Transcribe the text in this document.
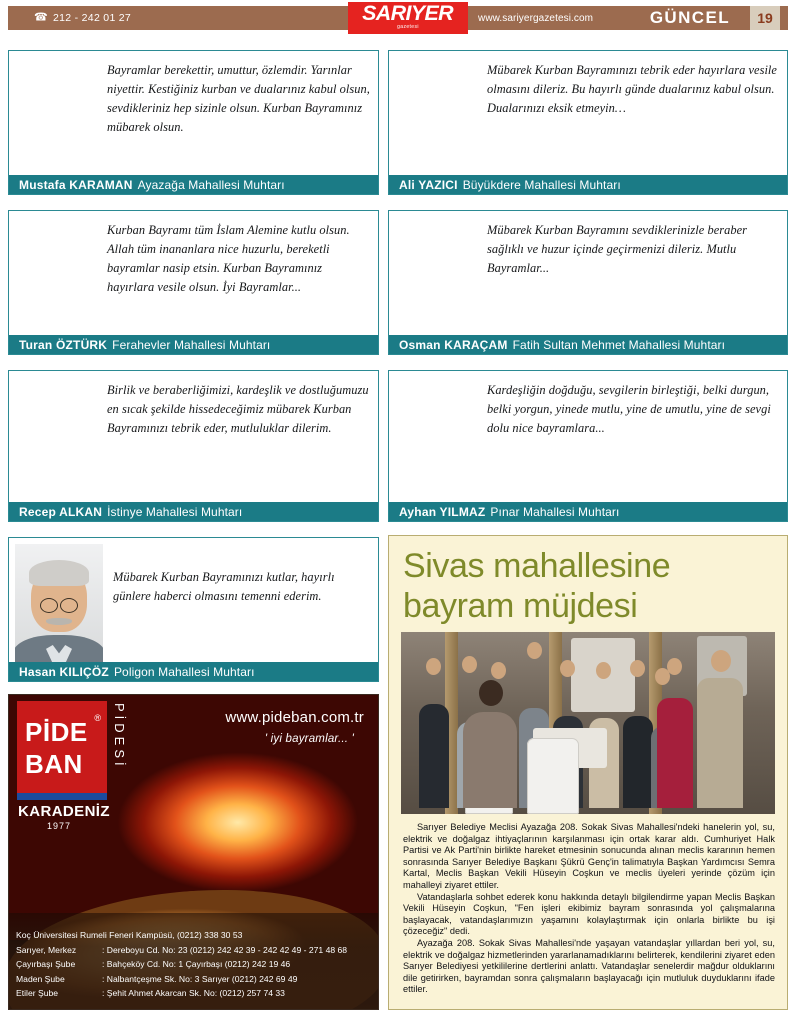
☎ 212 - 242 01 27	SARIYER
gazetesi
www.sariyergazetesi.com	GÜNCEL	19
Bayramlar berekettir, umuttur, özlemdir. Yarınlar niyettir. Kestiğiniz kurban ve dualarınız kabul olsun, sevdikleriniz hep sizinle olsun. Kurban Bayramınız mübarek olsun.
Mustafa KARAMAN Ayazağa Mahallesi Muhtarı
Mübarek Kurban Bayramınızı tebrik eder hayırlara vesile olmasını dileriz. Bu hayırlı günde dualarınız kabul olsun. Dualarınızı eksik etmeyin…
Ali YAZICI Büyükdere Mahallesi Muhtarı
Kurban Bayramı tüm İslam Alemine kutlu olsun. Allah tüm inananlara nice huzurlu, bereketli bayramlar nasip etsin. Kurban Bayramınız hayırlara vesile olsun. İyi Bayramlar...
Turan ÖZTÜRK Ferahevler Mahallesi Muhtarı
Mübarek Kurban Bayramını sevdiklerinizle beraber sağlıklı ve huzur içinde geçirmenizi dileriz. Mutlu Bayramlar...
Osman KARAÇAM Fatih Sultan Mehmet Mahallesi Muhtarı
Birlik ve beraberliğimizi, kardeşlik ve dostluğumuzu en sıcak şekilde hissedeceğimiz mübarek Kurban Bayramınızı tebrik eder, mutluluklar dilerim.
Recep ALKAN İstinye Mahallesi Muhtarı
Kardeşliğin doğduğu, sevgilerin birleştiği, belki durgun, belki yorgun, yinede mutlu, yine de umutlu, yine de sevgi dolu nice bayramlara...
Ayhan YILMAZ Pınar Mahallesi Muhtarı
Mübarek Kurban Bayramınızı kutlar, hayırlı günlere haberci olmasını temenni ederim.
Hasan KILIÇÖZ Poligon Mahallesi Muhtarı
PİDE
BAN
®
KARADENİZ
1977
PİDESİ	www.pideban.com.tr
' iyi bayramlar... '
Koç Üniversitesi Rumeli Feneri Kampüsü, (0212) 338 30 53
Sarıyer, Merkez	: Dereboyu Cd. No: 23 (0212) 242 42 39 - 242 42 49 - 271 48 68
Çayırbaşı Şube	: Bahçeköy Cd. No: 1 Çayırbaşı (0212) 242 19 46
Maden Şube	: Nalbantçeşme Sk. No: 3 Sarıyer (0212) 242 69 49
Etiler Şube	: Şehit Ahmet Akarcan Sk. No: (0212) 257 74 33
Sivas mahallesine bayram müjdesi

Sarıyer Belediye Meclisi Ayazağa 208. Sokak Sivas Mahallesi'ndeki hanelerin yol, su, elektrik ve doğalgaz ihtiyaçlarının karşılanması için ortak karar aldı. Cumhuriyet Halk Partisi ve Ak Parti'nin birlikte hareket etmesinin sonucunda alınan meclis kararının hemen sonrasında Sarıyer Belediye Başkanı Şükrü Genç'in talimatıyla Başkan Yardımcısı Semra Kartal, Meclis Başkan Vekili Hüseyin Coşkun ve meclis üyeleri yerinde çözüm için mahalleyi ziyaret ettiler.

Vatandaşlarla sohbet ederek konu hakkında detaylı bilgilendirme yapan Meclis Başkan Vekili Hüseyin Coşkun, "Fen işleri ekibimiz bayram sonrasında yol çalışmalarına başlayacak, vatandaşlarımızın yaşamını kolaylaştırmak için onlarla birlikte bu işi çözeceğiz" dedi.

Ayazağa 208. Sokak Sivas Mahallesi'nde yaşayan vatandaşlar yıllardan beri yol, su, elektrik ve doğalgaz hizmetlerinden yararlanamadıklarını belirterek, kendilerini ziyaret eden Sarıyer Belediyesi yetkililerine dertlerini anlattı. Vatandaşlar senelerdir mağdur olduklarını dile getirirken, bayramdan sonra çalışmaların başlayacağı için mutluluk duyduklarını ifade ettiler.
